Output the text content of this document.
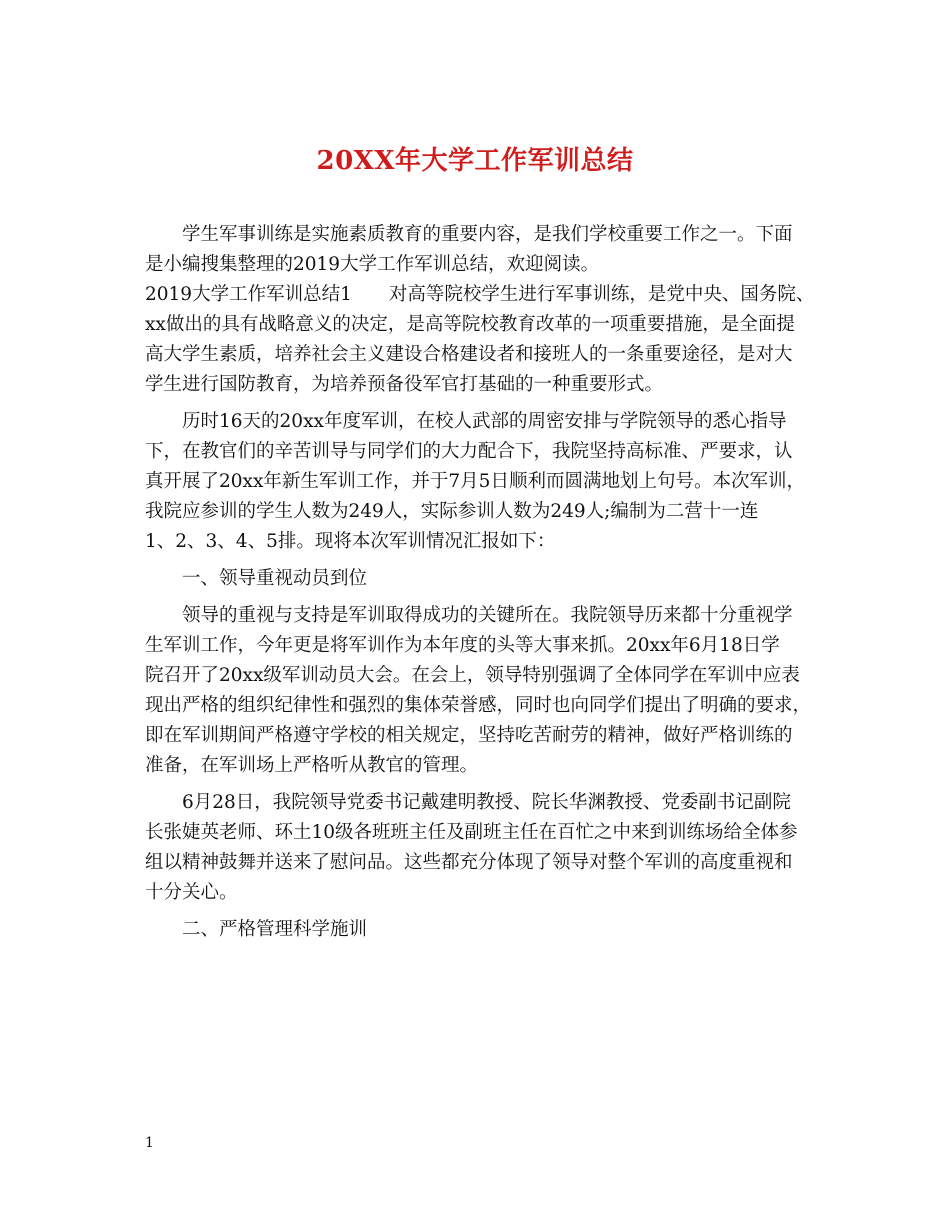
20XX年大学工作军训总结
学生军事训练是实施素质教育的重要内容，是我们学校重要工作之一。下面
是小编搜集整理的2019大学工作军训总结，欢迎阅读。
2019大学工作军训总结1　　对高等院校学生进行军事训练，是党中央、国务院、
xx做出的具有战略意义的决定，是高等院校教育改革的一项重要措施，是全面提
高大学生素质，培养社会主义建设合格建设者和接班人的一条重要途径，是对大
学生进行国防教育，为培养预备役军官打基础的一种重要形式。
历时16天的20xx年度军训，在校人武部的周密安排与学院领导的悉心指导
下，在教官们的辛苦训导与同学们的大力配合下，我院坚持高标准、严要求，认
真开展了20xx年新生军训工作，并于7月5日顺利而圆满地划上句号。本次军训，
我院应参训的学生人数为249人，实际参训人数为249人;编制为二营十一连
1、2、3、4、5排。现将本次军训情况汇报如下：
一、领导重视动员到位
领导的重视与支持是军训取得成功的关键所在。我院领导历来都十分重视学
生军训工作，今年更是将军训作为本年度的头等大事来抓。20xx年6月18日学
院召开了20xx级军训动员大会。在会上，领导特别强调了全体同学在军训中应表
现出严格的组织纪律性和强烈的集体荣誉感，同时也向同学们提出了明确的要求，
即在军训期间严格遵守学校的相关规定，坚持吃苦耐劳的精神，做好严格训练的
准备，在军训场上严格听从教官的管理。
6月28日，我院领导党委书记戴建明教授、院长华渊教授、党委副书记副院
长张婕英老师、环土10级各班班主任及副班主任在百忙之中来到训练场给全体参
组以精神鼓舞并送来了慰问品。这些都充分体现了领导对整个军训的高度重视和
十分关心。
二、严格管理科学施训
1
